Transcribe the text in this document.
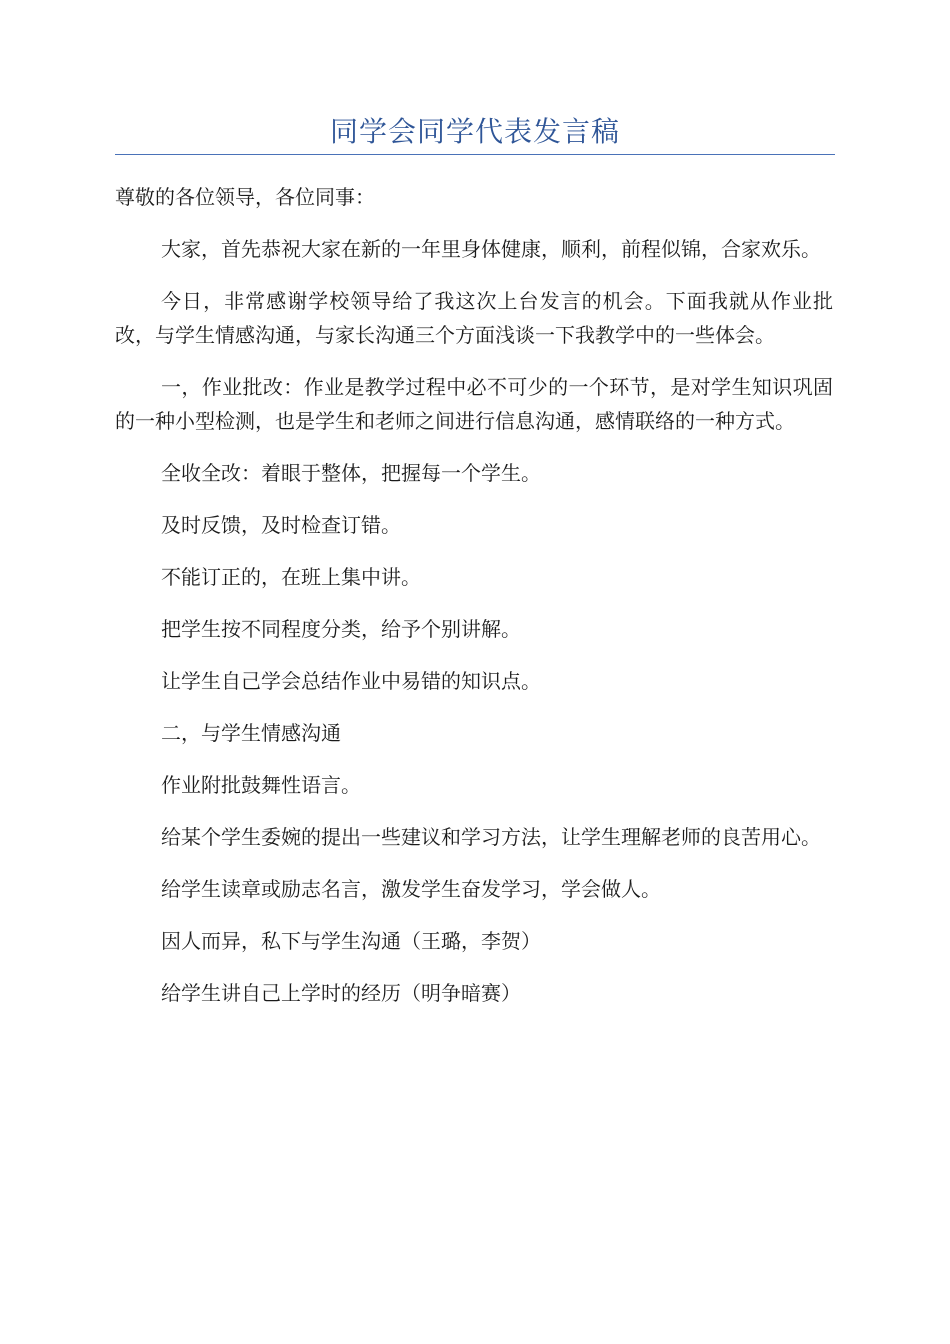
同学会同学代表发言稿

尊敬的各位领导，各位同事：

大家，首先恭祝大家在新的一年里身体健康，顺利，前程似锦，合家欢乐。

今日，非常感谢学校领导给了我这次上台发言的机会。下面我就从作业批改，与学生情感沟通，与家长沟通三个方面浅谈一下我教学中的一些体会。

一，作业批改：作业是教学过程中必不可少的一个环节，是对学生知识巩固的一种小型检测，也是学生和老师之间进行信息沟通，感情联络的一种方式。

全收全改：着眼于整体，把握每一个学生。

及时反馈，及时检查订错。

不能订正的，在班上集中讲。

把学生按不同程度分类，给予个别讲解。

让学生自己学会总结作业中易错的知识点。

二，与学生情感沟通

作业附批鼓舞性语言。

给某个学生委婉的提出一些建议和学习方法，让学生理解老师的良苦用心。

给学生读章或励志名言，激发学生奋发学习，学会做人。

因人而异，私下与学生沟通（王璐，李贺）

给学生讲自己上学时的经历（明争暗赛）
